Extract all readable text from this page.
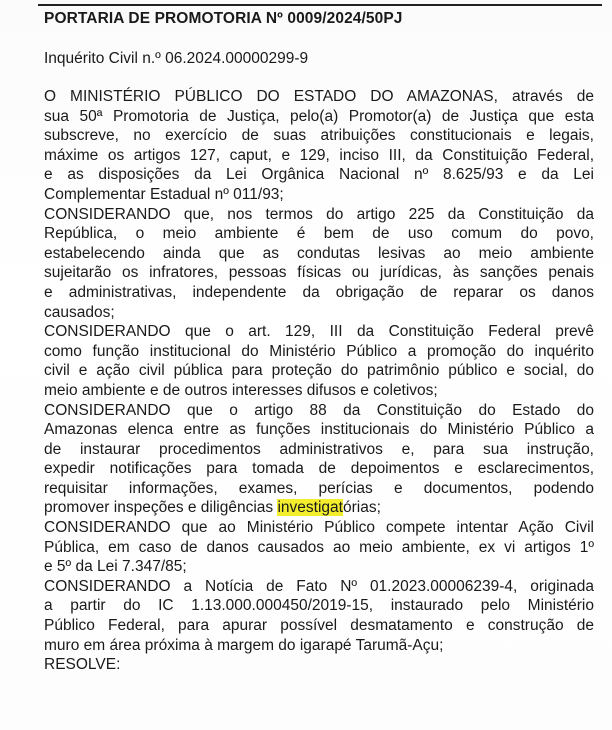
PORTARIA DE PROMOTORIA Nº 0009/2024/50PJ
Inquérito Civil n.º 06.2024.00000299-9
O MINISTÉRIO PÚBLICO DO ESTADO DO AMAZONAS, através de
sua 50ª Promotoria de Justiça, pelo(a) Promotor(a) de Justiça que esta
subscreve, no exercício de suas atribuições constitucionais e legais,
máxime os artigos 127, caput, e 129, inciso III, da Constituição Federal,
e as disposições da Lei Orgânica Nacional nº 8.625/93 e da Lei
Complementar Estadual nº 011/93;
CONSIDERANDO que, nos termos do artigo 225 da Constituição da
República, o meio ambiente é bem de uso comum do povo,
estabelecendo ainda que as condutas lesivas ao meio ambiente
sujeitarão os infratores, pessoas físicas ou jurídicas, às sanções penais
e administrativas, independente da obrigação de reparar os danos
causados;
CONSIDERANDO que o art. 129, III da Constituição Federal prevê
como função institucional do Ministério Público a promoção do inquérito
civil e ação civil pública para proteção do patrimônio público e social, do
meio ambiente e de outros interesses difusos e coletivos;
CONSIDERANDO que o artigo 88 da Constituição do Estado do
Amazonas elenca entre as funções institucionais do Ministério Público a
de instaurar procedimentos administrativos e, para sua instrução,
expedir notificações para tomada de depoimentos e esclarecimentos,
requisitar informações, exames, perícias e documentos, podendo
promover inspeções e diligências investigatórias;
CONSIDERANDO que ao Ministério Público compete intentar Ação Civil
Pública, em caso de danos causados ao meio ambiente, ex vi artigos 1º
e 5º da Lei 7.347/85;
CONSIDERANDO a Notícia de Fato Nº 01.2023.00006239-4, originada
a partir do IC 1.13.000.000450/2019-15, instaurado pelo Ministério
Público Federal, para apurar possível desmatamento e construção de
muro em área próxima à margem do igarapé Tarumã-Açu;
RESOLVE:
